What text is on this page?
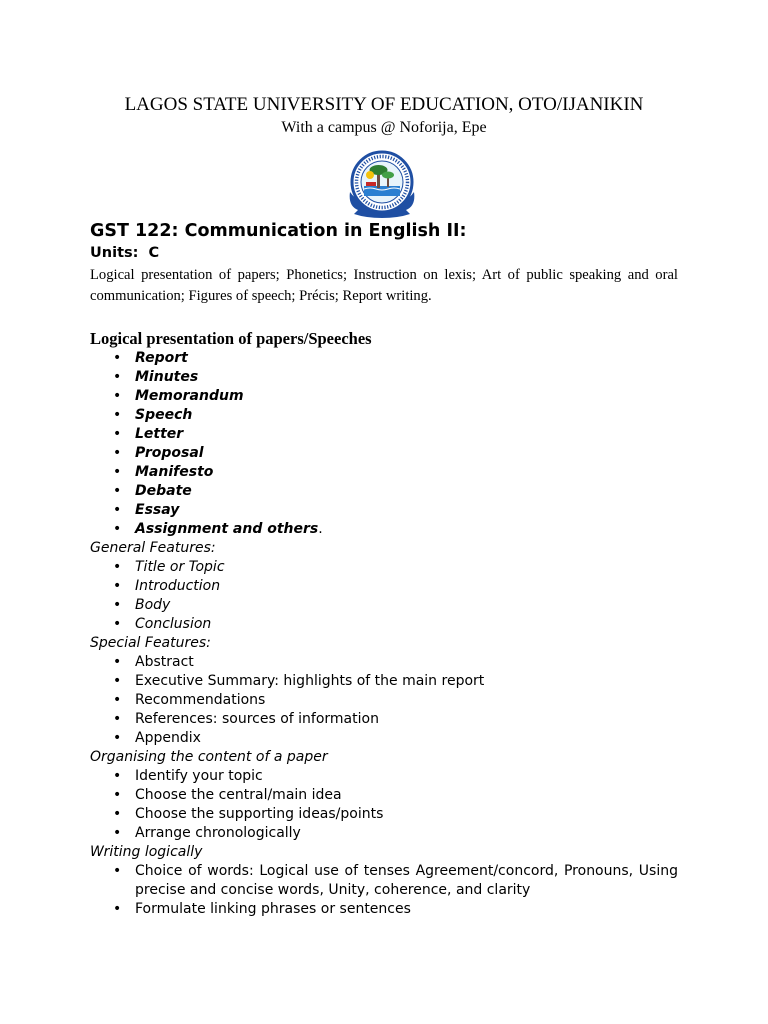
LAGOS STATE UNIVERSITY OF EDUCATION, OTO/IJANIKIN
With a campus @ Noforija, Epe
GST 122: Communication in English II:
Units:  C
Logical presentation of papers; Phonetics; Instruction on lexis; Art of public speaking and oral communication; Figures of speech; Précis; Report writing.
Logical presentation of papers/Speeches
• Report
• Minutes
• Memorandum
• Speech
• Letter
• Proposal
• Manifesto
• Debate
• Essay
• Assignment and others.
General Features:
• Title or Topic
• Introduction
• Body
• Conclusion
Special Features:
• Abstract
• Executive Summary: highlights of the main report
• Recommendations
• References: sources of information
• Appendix
Organising the content of a paper
• Identify your topic
• Choose the central/main idea
• Choose the supporting ideas/points
• Arrange chronologically
Writing logically
• Choice of words: Logical use of tenses Agreement/concord, Pronouns, Using precise and concise words, Unity, coherence, and clarity
• Formulate linking phrases or sentences
